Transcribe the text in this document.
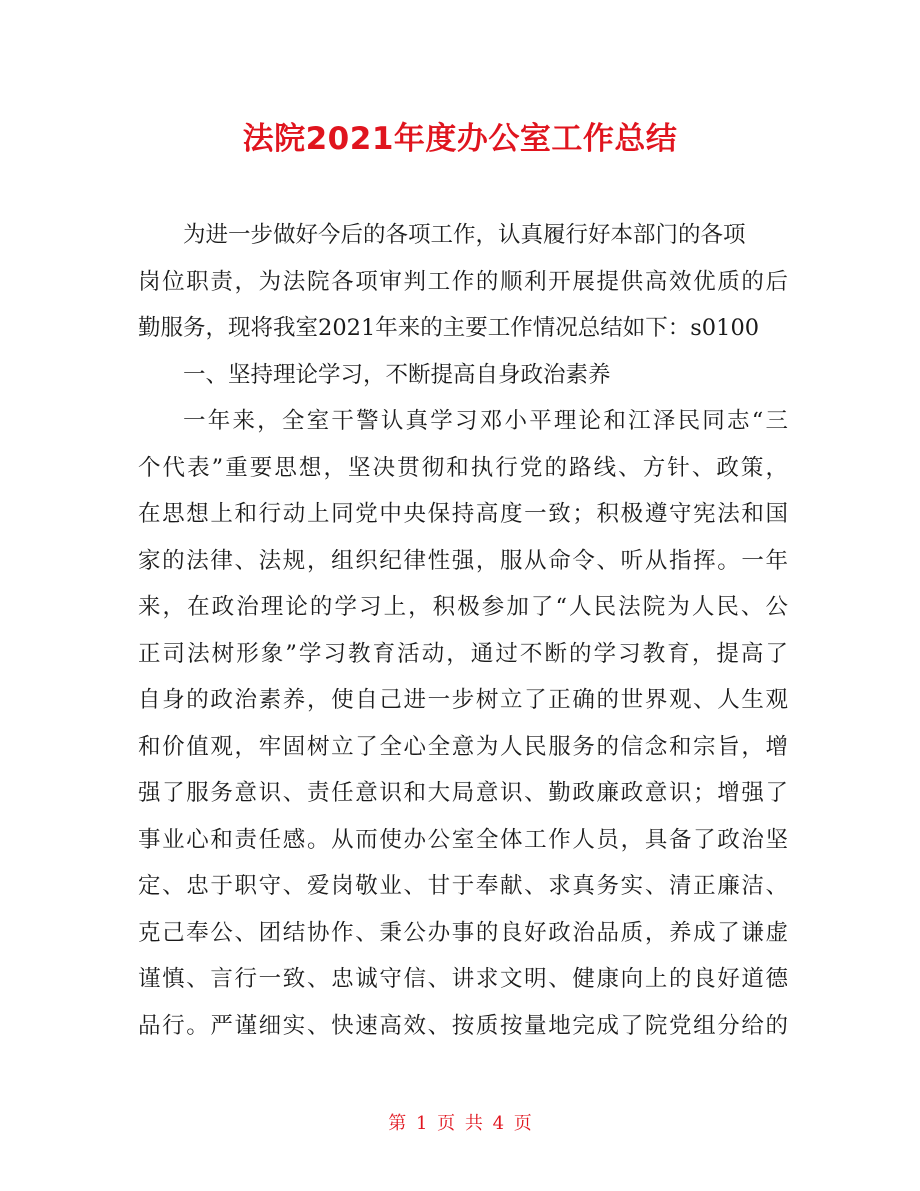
法院2021年度办公室工作总结
为进一步做好今后的各项工作，认真履行好本部门的各项
岗位职责，为法院各项审判工作的顺利开展提供高效优质的后
勤服务，现将我室2021年来的主要工作情况总结如下：s0100
一、坚持理论学习，不断提高自身政治素养
一年来，全室干警认真学习邓小平理论和江泽民同志“三
个代表”重要思想，坚决贯彻和执行党的路线、方针、政策，
在思想上和行动上同党中央保持高度一致；积极遵守宪法和国
家的法律、法规，组织纪律性强，服从命令、听从指挥。一年
来，在政治理论的学习上，积极参加了“人民法院为人民、公
正司法树形象”学习教育活动，通过不断的学习教育，提高了
自身的政治素养，使自己进一步树立了正确的世界观、人生观
和价值观，牢固树立了全心全意为人民服务的信念和宗旨，增
强了服务意识、责任意识和大局意识、勤政廉政意识；增强了
事业心和责任感。从而使办公室全体工作人员，具备了政治坚
定、忠于职守、爱岗敬业、甘于奉献、求真务实、清正廉洁、
克己奉公、团结协作、秉公办事的良好政治品质，养成了谦虚
谨慎、言行一致、忠诚守信、讲求文明、健康向上的良好道德
品行。严谨细实、快速高效、按质按量地完成了院党组分给的
第 1 页 共 4 页
